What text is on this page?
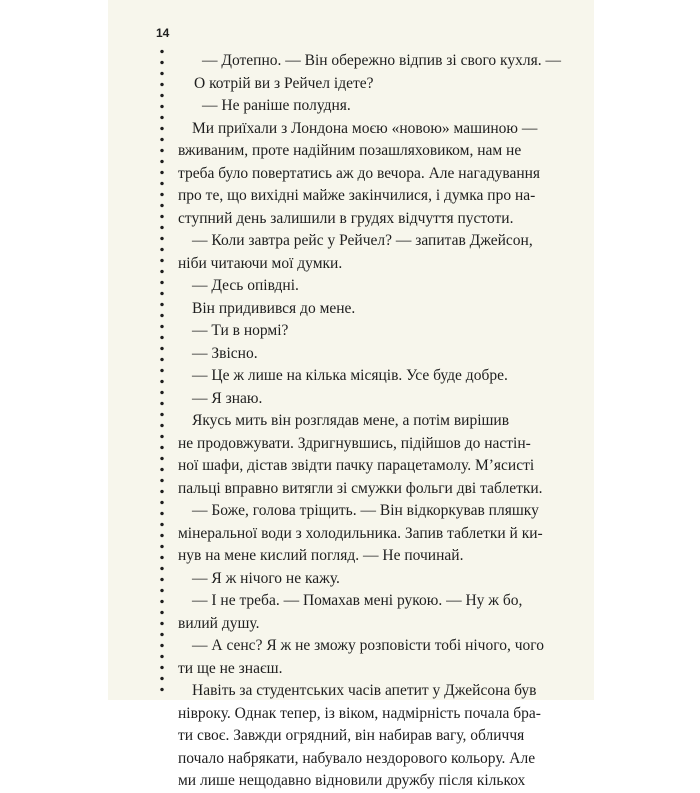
14

— Дотепно. — Він обережно відпив зі свого кухля. —

О котрій ви з Рейчел ідете?

— Не раніше полудня.

Ми приїхали з Лондона моєю «новою» машиною —

вживаним, проте надійним позашляховиком, нам не

треба було повертатись аж до вечора. Але нагадування

про те, що вихідні майже закінчилися, і думка про на-

ступний день залишили в грудях відчуття пустоти.

— Коли завтра рейс у Рейчел? — запитав Джейсон,

ніби читаючи мої думки.

— Десь опівдні.

Він придивився до мене.

— Ти в нормі?

— Звісно.

— Це ж лише на кілька місяців. Усе буде добре.

— Я знаю.

Якусь мить він розглядав мене, а потім вирішив

не продовжувати. Здригнувшись, підійшов до настін-

ної шафи, дістав звідти пачку парацетамолу. М’ясисті

пальці вправно витягли зі смужки фольги дві таблетки.

— Боже, голова тріщить. — Він відкоркував пляшку

мінеральної води з холодильника. Запив таблетки й ки-

нув на мене кислий погляд. — Не починай.

— Я ж нічого не кажу.

— І не треба. — Помахав мені рукою. — Ну ж бо,

вилий душу.

— А сенс? Я ж не зможу розповісти тобі нічого, чого

ти ще не знаєш.

Навіть за студентських часів апетит у Джейсона був

нівроку. Однак тепер, із віком, надмірність почала бра-

ти своє. Завжди огрядний, він набирав вагу, обличчя

почало набрякати, набувало нездорового кольору. Але

ми лише нещодавно відновили дружбу після кількох
